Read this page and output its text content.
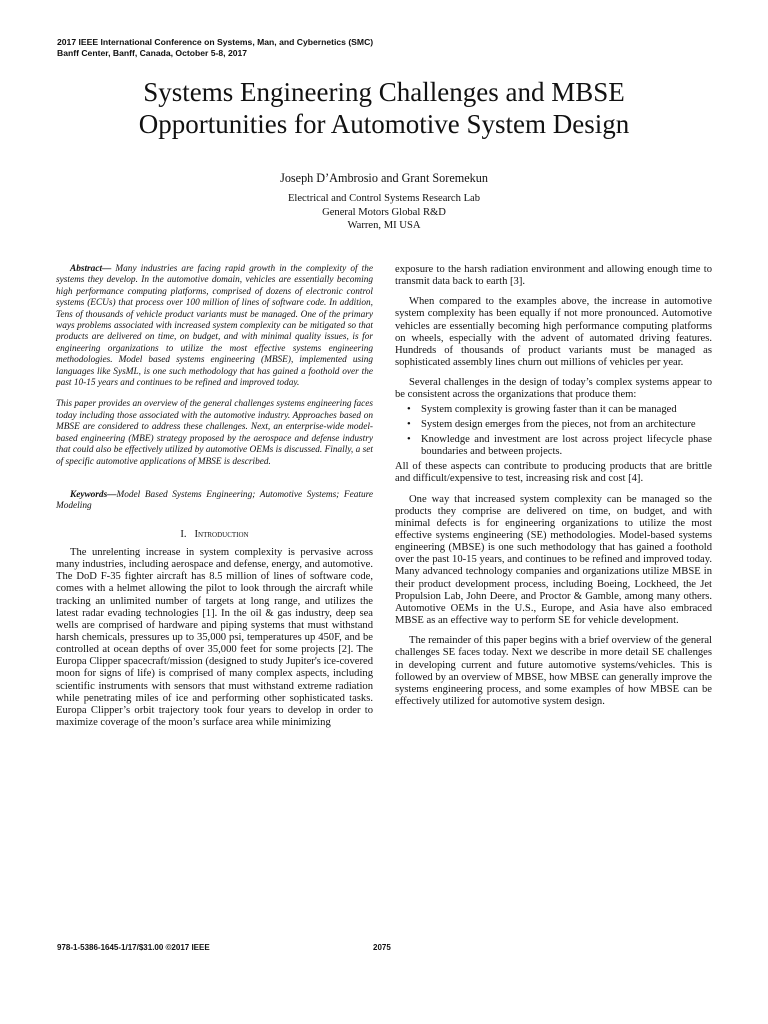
2017 IEEE International Conference on Systems, Man, and Cybernetics (SMC)
Banff Center, Banff, Canada, October 5-8, 2017
Systems Engineering Challenges and MBSE
Opportunities for Automotive System Design
Joseph D’Ambrosio and Grant Soremekun
Electrical and Control Systems Research Lab
General Motors Global R&D
Warren, MI USA

Abstract— Many industries are facing rapid growth in the complexity of the systems they develop. In the automotive domain, vehicles are essentially becoming high performance computing platforms, comprised of dozens of electronic control systems (ECUs) that process over 100 million of lines of software code. In addition, Tens of thousands of vehicle product variants must be managed. One of the primary ways problems associated with increased system complexity can be mitigated so that products are delivered on time, on budget, and with minimal quality issues, is for engineering organizations to utilize the most effective systems engineering methodologies. Model based systems engineering (MBSE), implemented using languages like SysML, is one such methodology that has gained a foothold over the past 10-15 years and continues to be refined and improved today.

This paper provides an overview of the general challenges systems engineering faces today including those associated with the automotive industry. Approaches based on MBSE are considered to address these challenges. Next, an enterprise-wide model-based engineering (MBE) strategy proposed by the aerospace and defense industry that could also be effectively utilized by automotive OEMs is discussed. Finally, a set of specific automotive applications of MBSE is described.

Keywords—Model Based Systems Engineering; Automotive Systems; Feature Modeling

I. Introduction

The unrelenting increase in system complexity is pervasive across many industries, including aerospace and defense, energy, and automotive. The DoD F-35 fighter aircraft has 8.5 million of lines of software code, comes with a helmet allowing the pilot to look through the aircraft while tracking an unlimited number of targets at long range, and utilizes the latest radar evading technologies [1]. In the oil & gas industry, deep sea wells are comprised of hardware and piping systems that must withstand harsh chemicals, pressures up to 35,000 psi, temperatures up 450F, and be controlled at ocean depths of over 35,000 feet for some projects [2]. The Europa Clipper spacecraft/mission (designed to study Jupiter's ice-covered moon for signs of life) is comprised of many complex aspects, including scientific instruments with sensors that must withstand extreme radiation while penetrating miles of ice and performing other sophisticated tasks. Europa Clipper’s orbit trajectory took four years to develop in order to maximize coverage of the moon’s surface area while minimizing

exposure to the harsh radiation environment and allowing enough time to transmit data back to earth [3].

When compared to the examples above, the increase in automotive system complexity has been equally if not more pronounced. Automotive vehicles are essentially becoming high performance computing platforms on wheels, especially with the advent of automated driving features. Hundreds of thousands of product variants must be managed as sophisticated assembly lines churn out millions of vehicles per year.

Several challenges in the design of today’s complex systems appear to be consistent across the organizations that produce them:

• System complexity is growing faster than it can be managed
• System design emerges from the pieces, not from an architecture
• Knowledge and investment are lost across project lifecycle phase boundaries and between projects.

All of these aspects can contribute to producing products that are brittle and difficult/expensive to test, increasing risk and cost [4].

One way that increased system complexity can be managed so the products they comprise are delivered on time, on budget, and with minimal defects is for engineering organizations to utilize the most effective systems engineering (SE) methodologies. Model-based systems engineering (MBSE) is one such methodology that has gained a foothold over the past 10-15 years, and continues to be refined and improved today. Many advanced technology companies and organizations utilize MBSE in their product development process, including Boeing, Lockheed, the Jet Propulsion Lab, John Deere, and Proctor & Gamble, among many others. Automotive OEMs in the U.S., Europe, and Asia have also embraced MBSE as an effective way to perform SE for vehicle development.

The remainder of this paper begins with a brief overview of the general challenges SE faces today. Next we describe in more detail SE challenges in developing current and future automotive systems/vehicles. This is followed by an overview of MBSE, how MBSE can generally improve the systems engineering process, and some examples of how MBSE can be effectively utilized for automotive system design.

978-1-5386-1645-1/17/$31.00 ©2017 IEEE	2075
